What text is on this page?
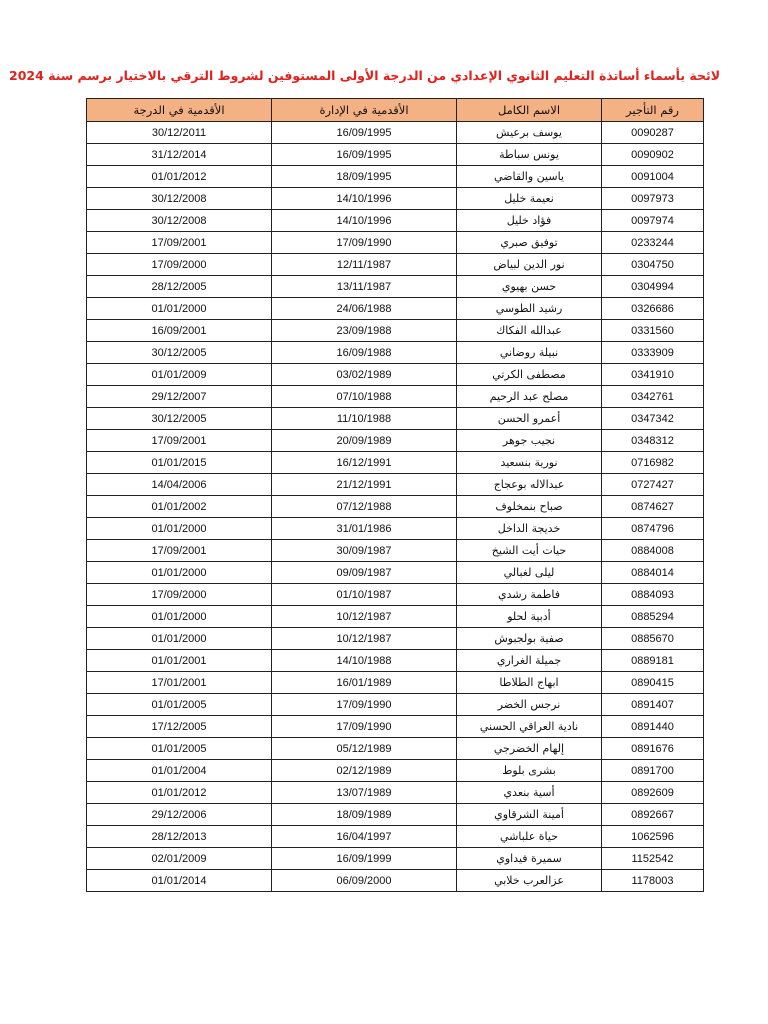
لائحة بأسماء أساتذة التعليم الثانوي الإعدادي من الدرجة الأولى المستوفين لشروط الترقي بالاختيار برسم سنة 2024
رقم التأجير	الاسم الكامل	الأقدمية في الإدارة	الأقدمية في الدرجة
0090287	يوسف برعيش	16/09/1995	30/12/2011
0090902	يونس سباطة	16/09/1995	31/12/2014
0091004	ياسين والقاضي	18/09/1995	01/01/2012
0097973	نعيمة خليل	14/10/1996	30/12/2008
0097974	فؤاد خليل	14/10/1996	30/12/2008
0233244	توفيق صبري	17/09/1990	17/09/2001
0304750	نور الدين لبياض	12/11/1987	17/09/2000
0304994	حسن بهيوي	13/11/1987	28/12/2005
0326686	رشيد الطوسي	24/06/1988	01/01/2000
0331560	عبدالله الفكاك	23/09/1988	16/09/2001
0333909	نبيلة روضاني	16/09/1988	30/12/2005
0341910	مصطفى الكرتي	03/02/1989	01/01/2009
0342761	مصلح عبد الرحيم	07/10/1988	29/12/2007
0347342	أعمرو الحسن	11/10/1988	30/12/2005
0348312	نجيب جوهر	20/09/1989	17/09/2001
0716982	نورية بنسعيد	16/12/1991	01/01/2015
0727427	عبدالاله بوعجاج	21/12/1991	14/04/2006
0874627	صباح بنمخلوف	07/12/1988	01/01/2002
0874796	خديجة الداخل	31/01/1986	01/01/2000
0884008	حيات أيت الشيخ	30/09/1987	17/09/2001
0884014	ليلى لغبالي	09/09/1987	01/01/2000
0884093	فاطمة رشدي	01/10/1987	17/09/2000
0885294	أدبية لحلو	10/12/1987	01/01/2000
0885670	صفية بولجبوش	10/12/1987	01/01/2000
0889181	جميلة الغراري	14/10/1988	01/01/2001
0890415	ابهاج الطلاطا	16/01/1989	17/01/2001
0891407	نرجس الخضر	17/09/1990	01/01/2005
0891440	نادية العراقي الحسني	17/09/1990	17/12/2005
0891676	إلهام الخضرجي	05/12/1989	01/01/2005
0891700	بشرى بلوط	02/12/1989	01/01/2004
0892609	أسية بنعدي	13/07/1989	01/01/2012
0892667	أمينة الشرقاوي	18/09/1989	29/12/2006
1062596	حياة علباشي	16/04/1997	28/12/2013
1152542	سميرة فيداوي	16/09/1999	02/01/2009
1178003	عزالعرب خلابي	06/09/2000	01/01/2014
